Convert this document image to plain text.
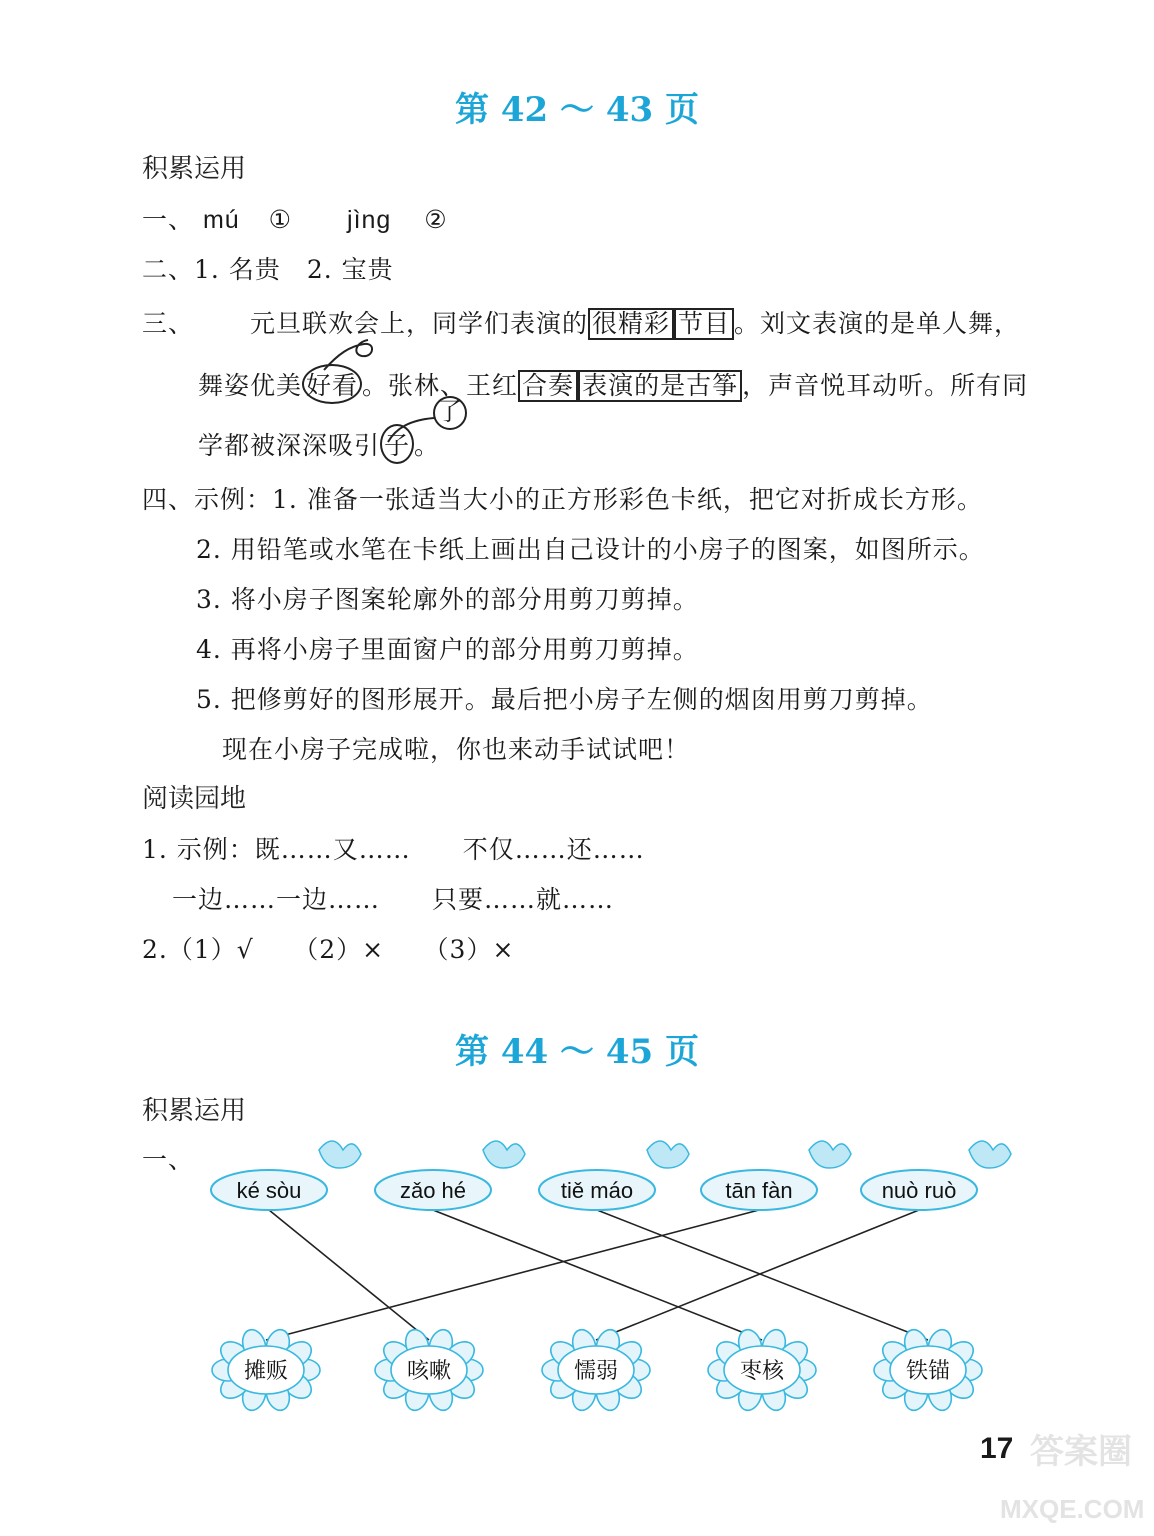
第 42 ～ 43 页
积累运用
一、 mú ① jìng ②
二、1. 名贵　2. 宝贵
三、 元旦联欢会上，同学们表演的 很精彩 节目 。刘文表演的是单人舞，
舞姿优美 好看 。张林、王红 合奏 表演的是古筝 ，声音悦耳动听。所有同
学都被深深吸引 子 。
了
四、示例：1. 准备一张适当大小的正方形彩色卡纸，把它对折成长方形。
2. 用铅笔或水笔在卡纸上画出自己设计的小房子的图案，如图所示。
3. 将小房子图案轮廓外的部分用剪刀剪掉。
4. 再将小房子里面窗户的部分用剪刀剪掉。
5. 把修剪好的图形展开。最后把小房子左侧的烟囱用剪刀剪掉。
现在小房子完成啦，你也来动手试试吧！
阅读园地
1. 示例：既……又……　　不仅……还……
一边……一边……　　只要……就……
2.（1）√　　（2）×　　（3）×
第 44 ～ 45 页
积累运用
一、
ké sòu	zǎo hé	tiě máo	tān fàn	nuò ruò
摊贩	咳嗽	懦弱	枣核	铁锚
17 答案圈
MXQE.COM
